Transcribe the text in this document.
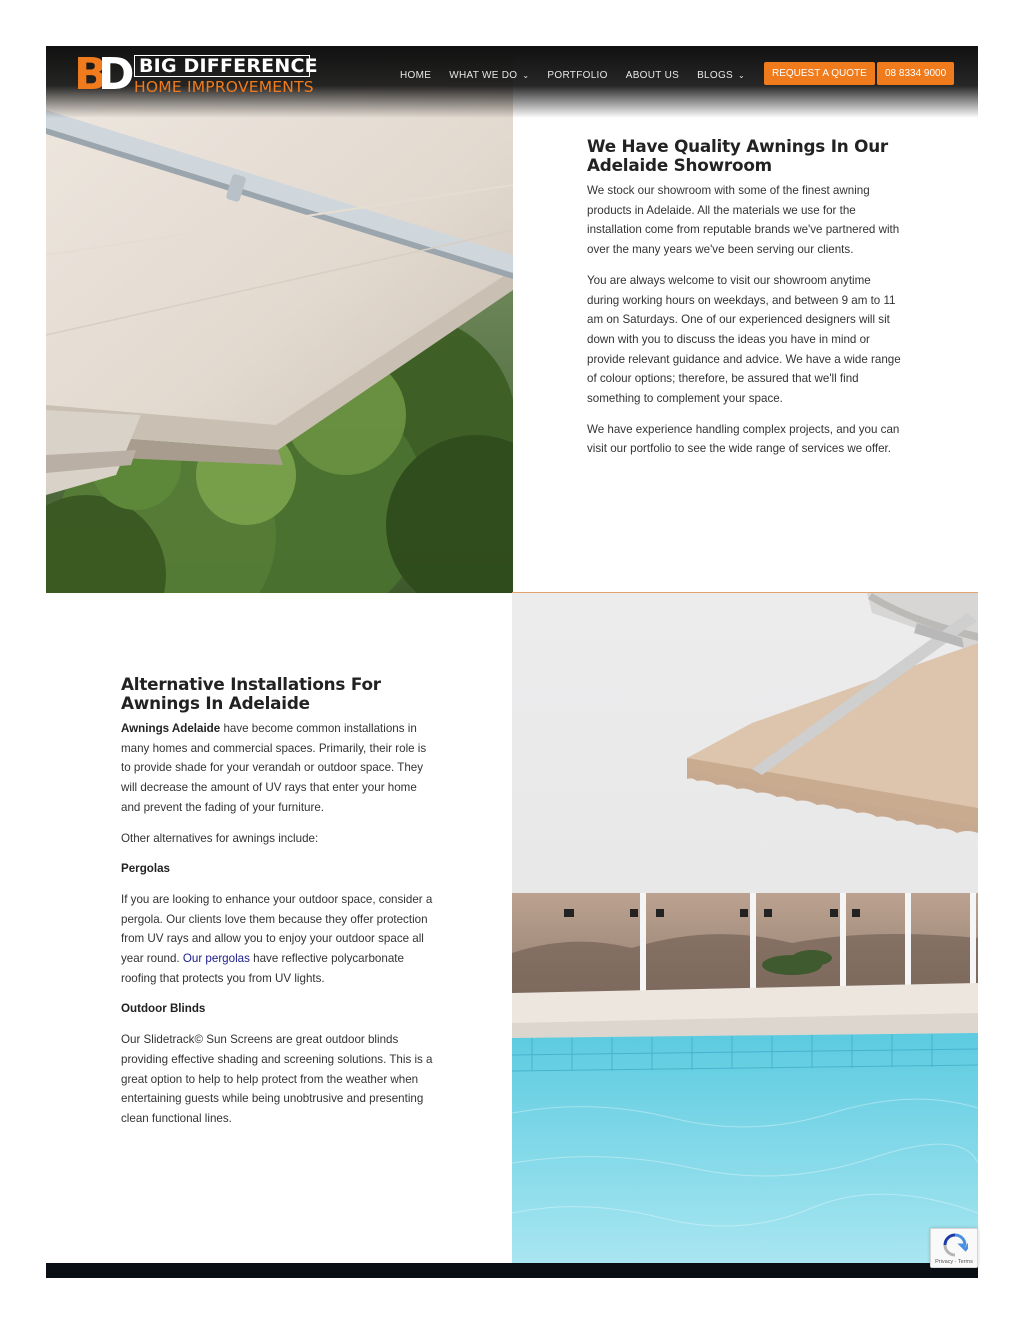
B
D BIG DIFFERENCE
HOME IMPROVEMENTS
HOME WHAT WE DO ⌄ PORTFOLIO ABOUT US BLOGS ⌄	REQUEST A QUOTE	08 8334 9000
We Have Quality Awnings In Our Adelaide Showroom

We stock our showroom with some of the finest awning products in Adelaide. All the materials we use for the installation come from reputable brands we've partnered with over the many years we've been serving our clients.

You are always welcome to visit our showroom anytime during working hours on weekdays, and between 9 am to 11 am on Saturdays. One of our experienced designers will sit down with you to discuss the ideas you have in mind or provide relevant guidance and advice. We have a wide range of colour options; therefore, be assured that we'll find something to complement your space.

We have experience handling complex projects, and you can visit our portfolio to see the wide range of services we offer.

Alternative Installations For Awnings In Adelaide

Awnings Adelaide have become common installations in many homes and commercial spaces. Primarily, their role is to provide shade for your verandah or outdoor space. They will decrease the amount of UV rays that enter your home and prevent the fading of your furniture.

Other alternatives for awnings include:

Pergolas

If you are looking to enhance your outdoor space, consider a pergola. Our clients love them because they offer protection from UV rays and allow you to enjoy your outdoor space all year round. Our pergolas have reflective polycarbonate roofing that protects you from UV lights.

Outdoor Blinds

Our Slidetrack© Sun Screens are great outdoor blinds providing effective shading and screening solutions. This is a great option to help to help protect from the weather when entertaining guests while being unobtrusive and presenting clean functional lines.

Privacy - Terms
